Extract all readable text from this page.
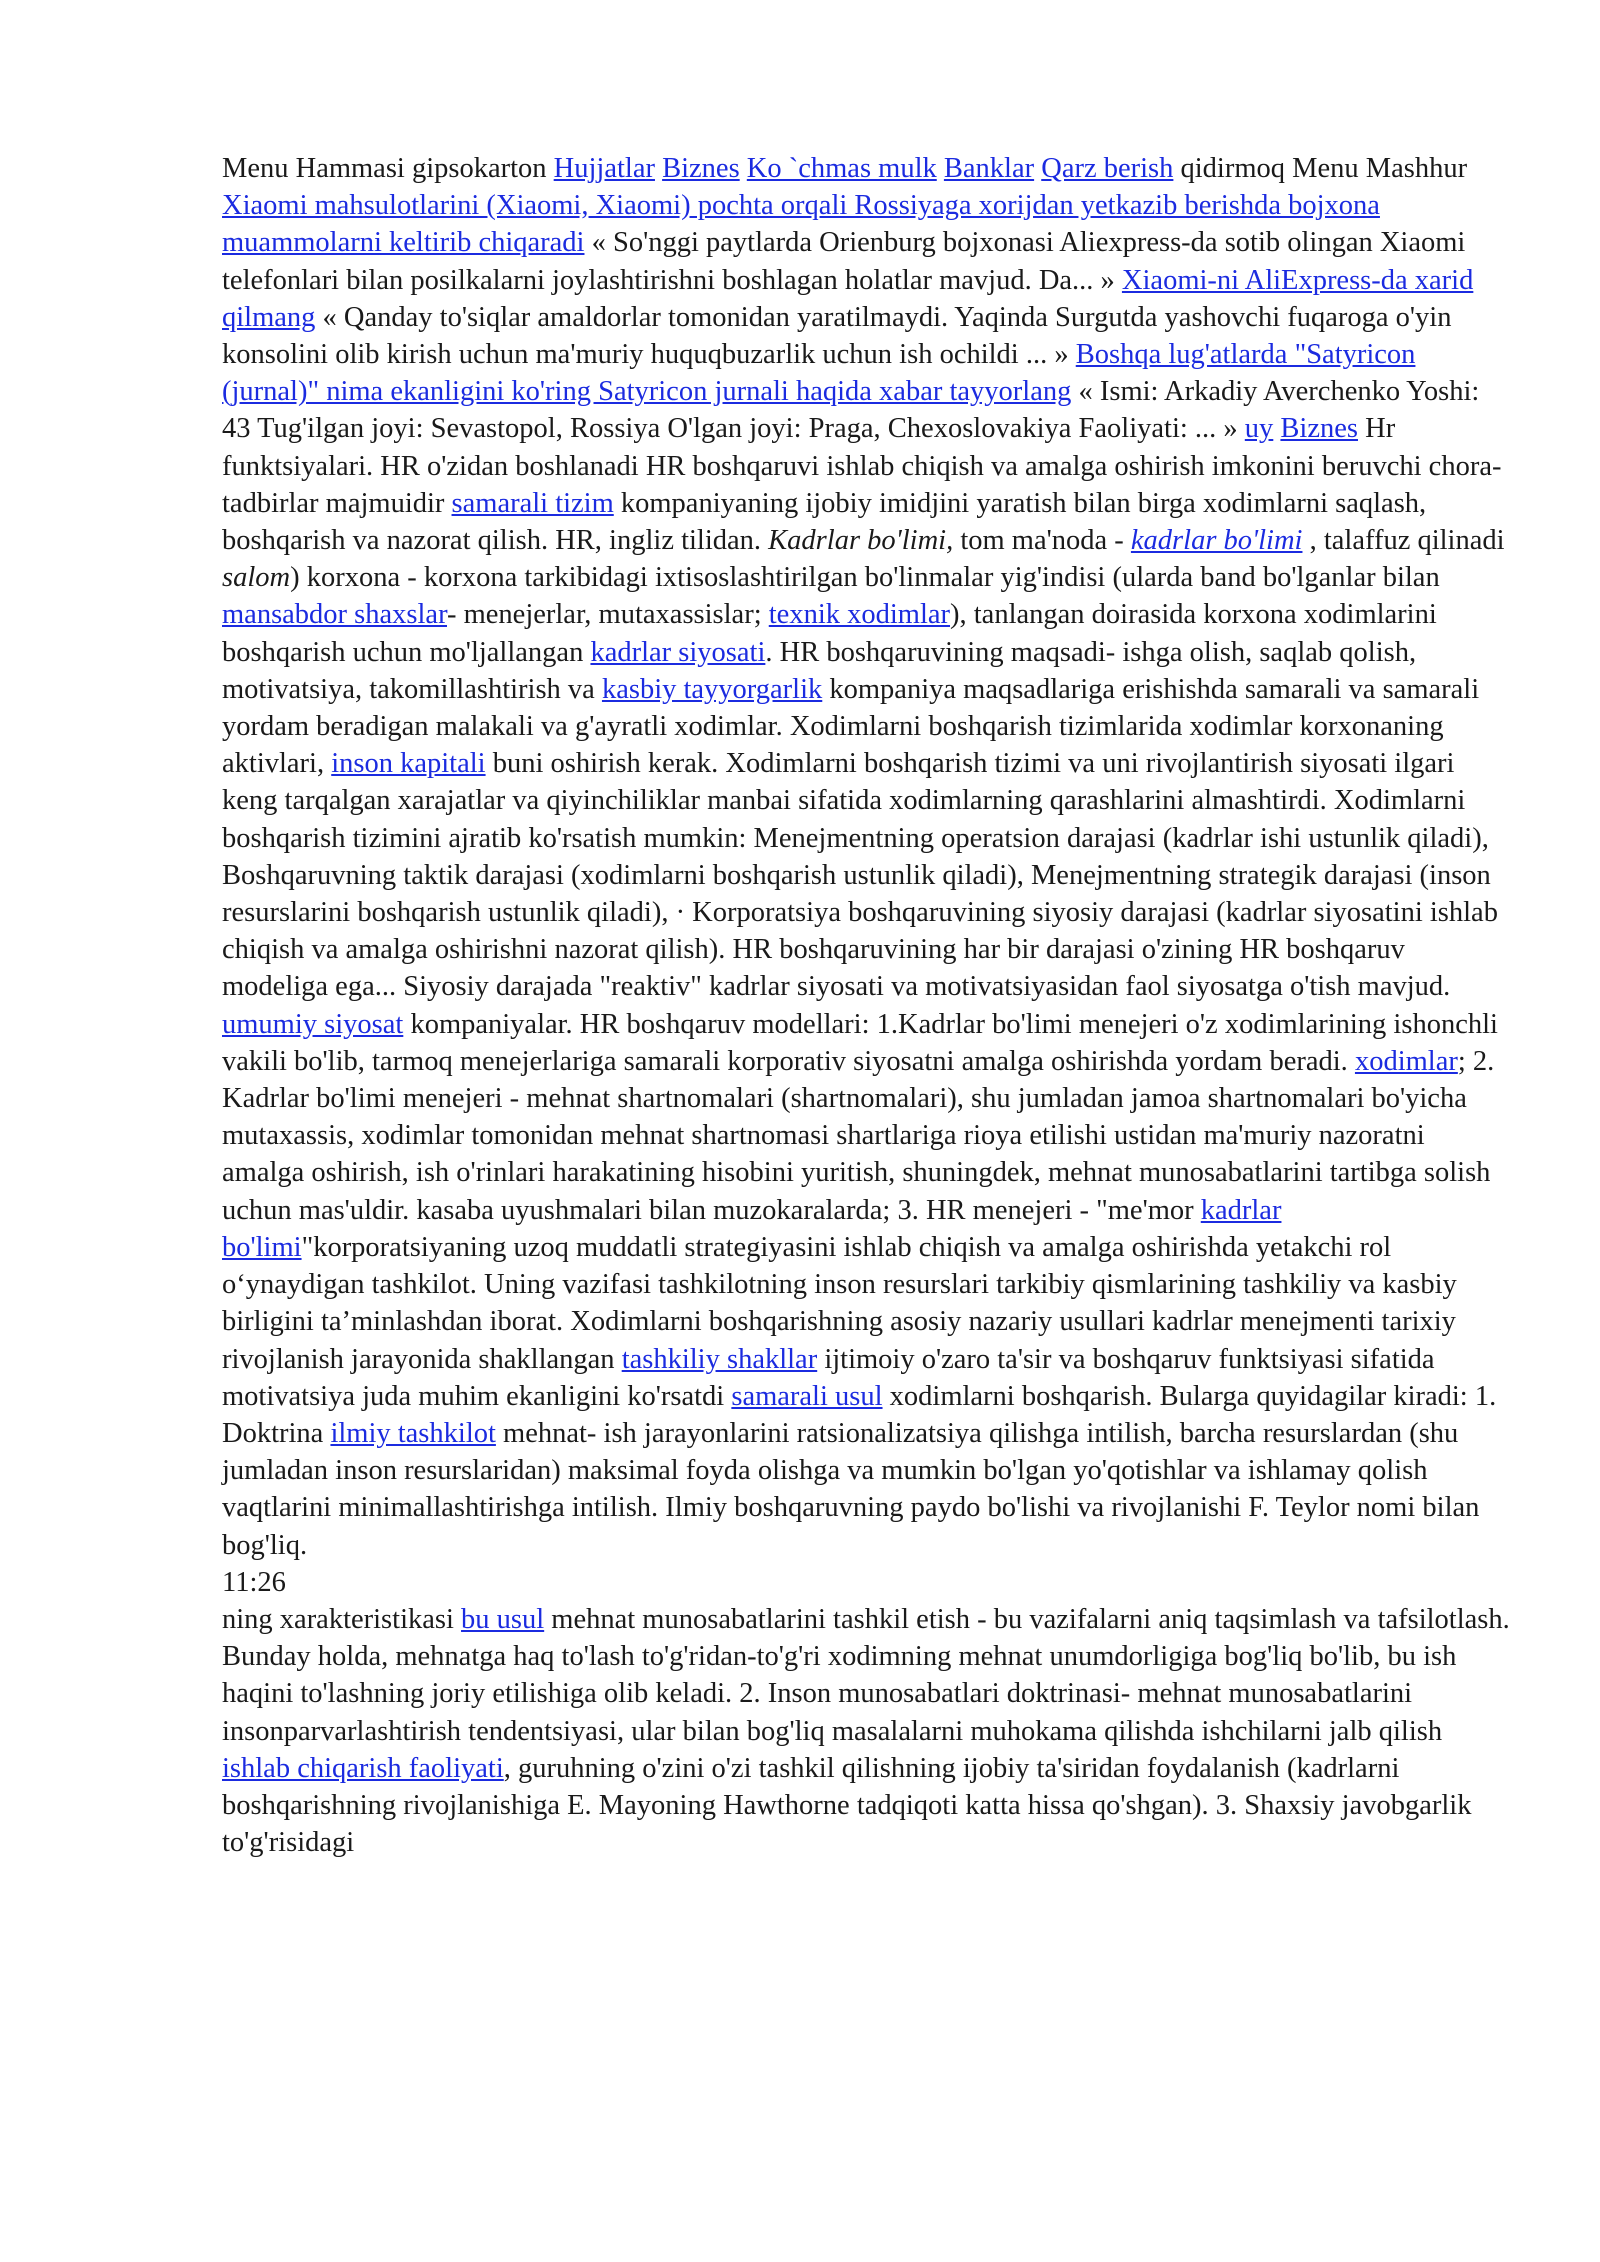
Menu Hammasi gipsokarton Hujjatlar Biznes Ko `chmas mulk Banklar Qarz berish qidirmoq Menu Mashhur Xiaomi mahsulotlarini (Xiaomi, Xiaomi) pochta orqali Rossiyaga xorijdan yetkazib berishda bojxona muammolarni keltirib chiqaradi « So'nggi paytlarda Orienburg bojxonasi Aliexpress-da sotib olingan Xiaomi telefonlari bilan posilkalarni joylashtirishni boshlagan holatlar mavjud. Da... » Xiaomi-ni AliExpress-da xarid qilmang « Qanday to'siqlar amaldorlar tomonidan yaratilmaydi. Yaqinda Surgutda yashovchi fuqaroga o'yin konsolini olib kirish uchun ma'muriy huquqbuzarlik uchun ish ochildi ... » Boshqa lug'atlarda "Satyricon (jurnal)" nima ekanligini ko'ring Satyricon jurnali haqida xabar tayyorlang « Ismi: Arkadiy Averchenko Yoshi: 43 Tug'ilgan joyi: Sevastopol, Rossiya O'lgan joyi: Praga, Chexoslovakiya Faoliyati: ... » uy Biznes Hr funktsiyalari. HR o'zidan boshlanadi HR boshqaruvi ishlab chiqish va amalga oshirish imkonini beruvchi chora-tadbirlar majmuidir samarali tizim kompaniyaning ijobiy imidjini yaratish bilan birga xodimlarni saqlash, boshqarish va nazorat qilish. HR, ingliz tilidan. Kadrlar bo'limi, tom ma'noda - kadrlar bo'limi , talaffuz qilinadi salom) korxona - korxona tarkibidagi ixtisoslashtirilgan bo'linmalar yig'indisi (ularda band bo'lganlar bilan mansabdor shaxslar- menejerlar, mutaxassislar; texnik xodimlar), tanlangan doirasida korxona xodimlarini boshqarish uchun mo'ljallangan kadrlar siyosati. HR boshqaruvining maqsadi- ishga olish, saqlab qolish, motivatsiya, takomillashtirish va kasbiy tayyorgarlik kompaniya maqsadlariga erishishda samarali va samarali yordam beradigan malakali va g'ayratli xodimlar. Xodimlarni boshqarish tizimlarida xodimlar korxonaning aktivlari, inson kapitali buni oshirish kerak. Xodimlarni boshqarish tizimi va uni rivojlantirish siyosati ilgari keng tarqalgan xarajatlar va qiyinchiliklar manbai sifatida xodimlarning qarashlarini almashtirdi. Xodimlarni boshqarish tizimini ajratib ko'rsatish mumkin: Menejmentning operatsion darajasi (kadrlar ishi ustunlik qiladi), Boshqaruvning taktik darajasi (xodimlarni boshqarish ustunlik qiladi), Menejmentning strategik darajasi (inson resurslarini boshqarish ustunlik qiladi), · Korporatsiya boshqaruvining siyosiy darajasi (kadrlar siyosatini ishlab chiqish va amalga oshirishni nazorat qilish). HR boshqaruvining har bir darajasi o'zining HR boshqaruv modeliga ega... Siyosiy darajada "reaktiv" kadrlar siyosati va motivatsiyasidan faol siyosatga o'tish mavjud. umumiy siyosat kompaniyalar. HR boshqaruv modellari: 1.Kadrlar bo'limi menejeri o'z xodimlarining ishonchli vakili bo'lib, tarmoq menejerlariga samarali korporativ siyosatni amalga oshirishda yordam beradi. xodimlar; 2. Kadrlar bo'limi menejeri - mehnat shartnomalari (shartnomalari), shu jumladan jamoa shartnomalari bo'yicha mutaxassis, xodimlar tomonidan mehnat shartnomasi shartlariga rioya etilishi ustidan ma'muriy nazoratni amalga oshirish, ish o'rinlari harakatining hisobini yuritish, shuningdek, mehnat munosabatlarini tartibga solish uchun mas'uldir. kasaba uyushmalari bilan muzokaralarda; 3. HR menejeri - "me'mor kadrlar bo'limi"korporatsiyaning uzoq muddatli strategiyasini ishlab chiqish va amalga oshirishda yetakchi rol o‘ynaydigan tashkilot. Uning vazifasi tashkilotning inson resurslari tarkibiy qismlarining tashkiliy va kasbiy birligini ta’minlashdan iborat. Xodimlarni boshqarishning asosiy nazariy usullari kadrlar menejmenti tarixiy rivojlanish jarayonida shakllangan tashkiliy shakllar ijtimoiy o'zaro ta'sir va boshqaruv funktsiyasi sifatida motivatsiya juda muhim ekanligini ko'rsatdi samarali usul xodimlarni boshqarish. Bularga quyidagilar kiradi: 1. Doktrina ilmiy tashkilot mehnat- ish jarayonlarini ratsionalizatsiya qilishga intilish, barcha resurslardan (shu jumladan inson resurslaridan) maksimal foyda olishga va mumkin bo'lgan yo'qotishlar va ishlamay qolish vaqtlarini minimallashtirishga intilish. Ilmiy boshqaruvning paydo bo'lishi va rivojlanishi F. Teylor nomi bilan bog'liq.
11:26
ning xarakteristikasi bu usul mehnat munosabatlarini tashkil etish - bu vazifalarni aniq taqsimlash va tafsilotlash. Bunday holda, mehnatga haq to'lash to'g'ridan-to'g'ri xodimning mehnat unumdorligiga bog'liq bo'lib, bu ish haqini to'lashning joriy etilishiga olib keladi. 2. Inson munosabatlari doktrinasi- mehnat munosabatlarini insonparvarlashtirish tendentsiyasi, ular bilan bog'liq masalalarni muhokama qilishda ishchilarni jalb qilish ishlab chiqarish faoliyati, guruhning o'zini o'zi tashkil qilishning ijobiy ta'siridan foydalanish (kadrlarni boshqarishning rivojlanishiga E. Mayoning Hawthorne tadqiqoti katta hissa qo'shgan). 3. Shaxsiy javobgarlik to'g'risidagi
